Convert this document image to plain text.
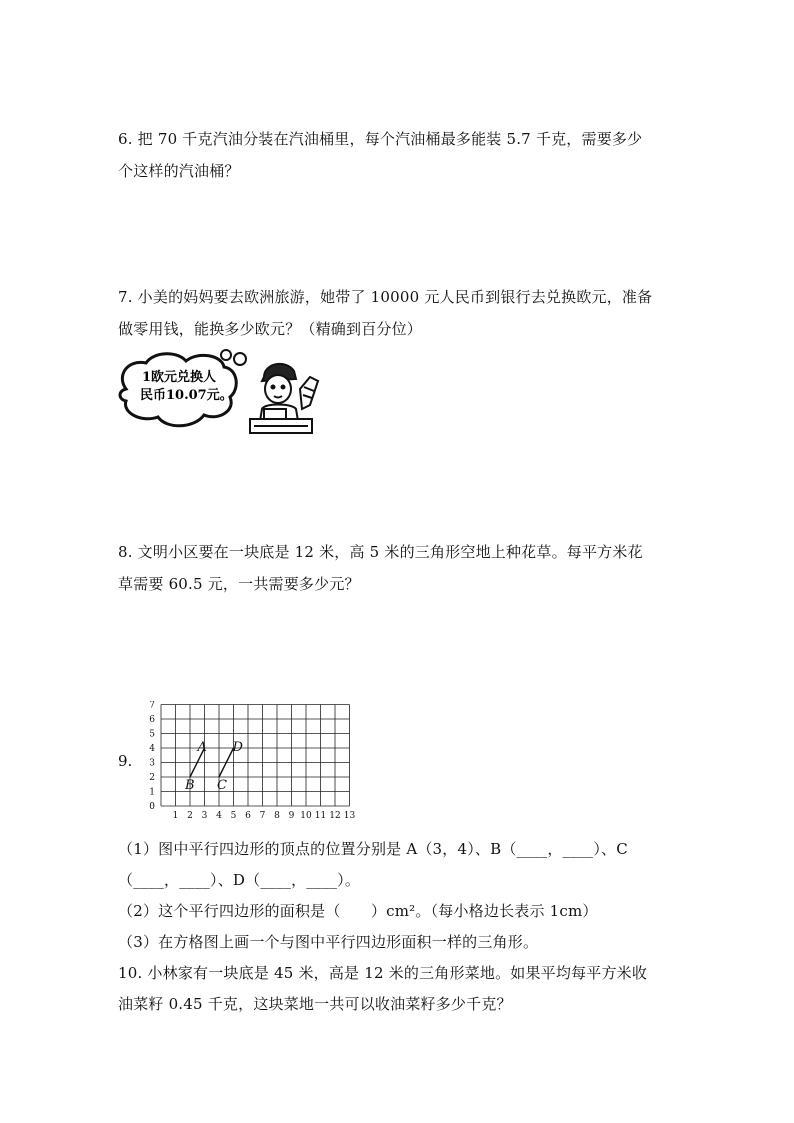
6. 把 70 千克汽油分装在汽油桶里，每个汽油桶最多能装 5.7 千克，需要多少
个这样的汽油桶？
7. 小美的妈妈要去欧洲旅游，她带了 10000 元人民币到银行去兑换欧元，准备
做零用钱，能换多少欧元？（精确到百分位）
1欧元兑换人
民币10.07元。
8. 文明小区要在一块底是 12 米，高 5 米的三角形空地上种花草。每平方米花
草需要 60.5 元，一共需要多少元？
9.
1 2 3 4 5 6 7 8 9 10 11 12 13
0
1
2
3
4
5
6
7
A
B C
D
（1）图中平行四边形的顶点的位置分别是 A（3，4）、B（____，____）、C
（____，____）、D（____，____）。
（2）这个平行四边形的面积是（　　）cm²。（每小格边长表示 1cm）
（3）在方格图上画一个与图中平行四边形面积一样的三角形。
10. 小林家有一块底是 45 米，高是 12 米的三角形菜地。如果平均每平方米收
油菜籽 0.45 千克，这块菜地一共可以收油菜籽多少千克？
